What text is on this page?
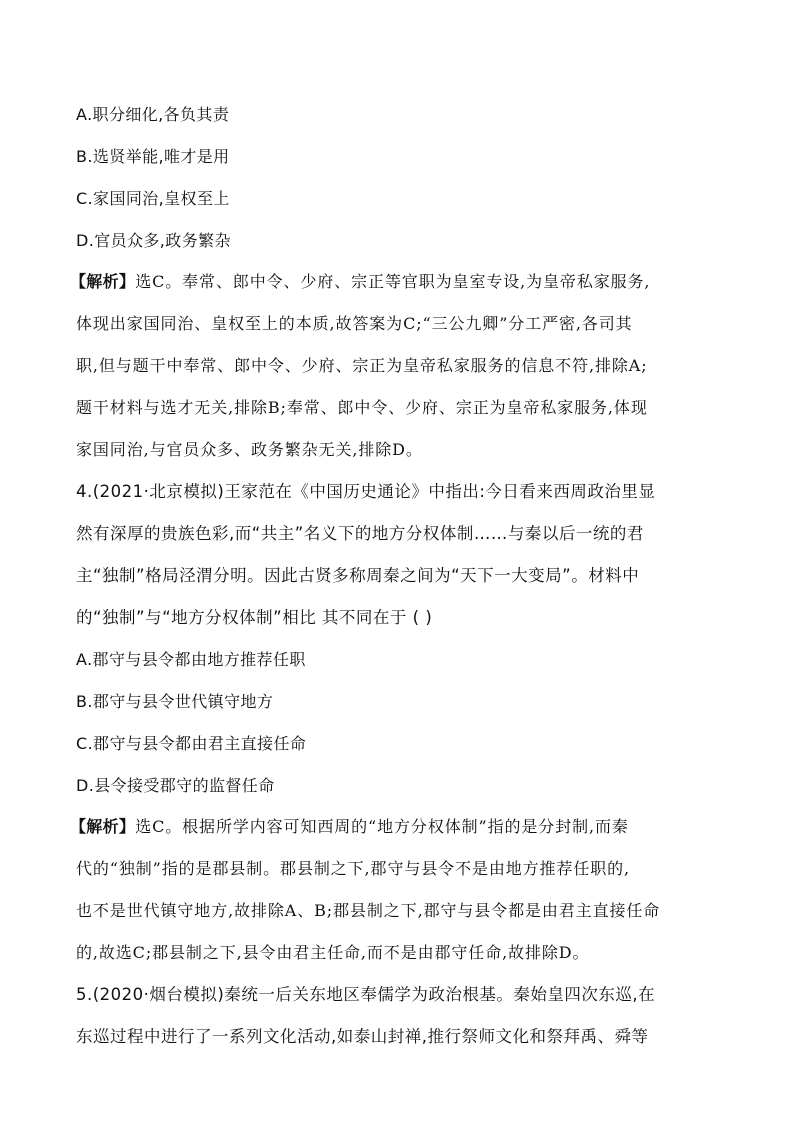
A.职分细化,各负其责
B.选贤举能,唯才是用
C.家国同治,皇权至上
D.官员众多,政务繁杂
【解析】选C。奉常、郎中令、少府、宗正等官职为皇室专设,为皇帝私家服务,
体现出家国同治、皇权至上的本质,故答案为C;“三公九卿”分工严密,各司其
职,但与题干中奉常、郎中令、少府、宗正为皇帝私家服务的信息不符,排除A;
题干材料与选才无关,排除B;奉常、郎中令、少府、宗正为皇帝私家服务,体现
家国同治,与官员众多、政务繁杂无关,排除D。
4.(2021·北京模拟)王家范在《中国历史通论》中指出:今日看来西周政治里显
然有深厚的贵族色彩,而“共主”名义下的地方分权体制……与秦以后一统的君
主“独制”格局泾渭分明。因此古贤多称周秦之间为“天下一大变局”。材料中
的“独制”与“地方分权体制”相比 其不同在于 ( )
A.郡守与县令都由地方推荐任职
B.郡守与县令世代镇守地方
C.郡守与县令都由君主直接任命
D.县令接受郡守的监督任命
【解析】选C。根据所学内容可知西周的“地方分权体制”指的是分封制,而秦
代的“独制”指的是郡县制。郡县制之下,郡守与县令不是由地方推荐任职的,
也不是世代镇守地方,故排除A、B;郡县制之下,郡守与县令都是由君主直接任命
的,故选C;郡县制之下,县令由君主任命,而不是由郡守任命,故排除D。
5.(2020·烟台模拟)秦统一后关东地区奉儒学为政治根基。秦始皇四次东巡,在
东巡过程中进行了一系列文化活动,如泰山封禅,推行祭师文化和祭拜禹、舜等
